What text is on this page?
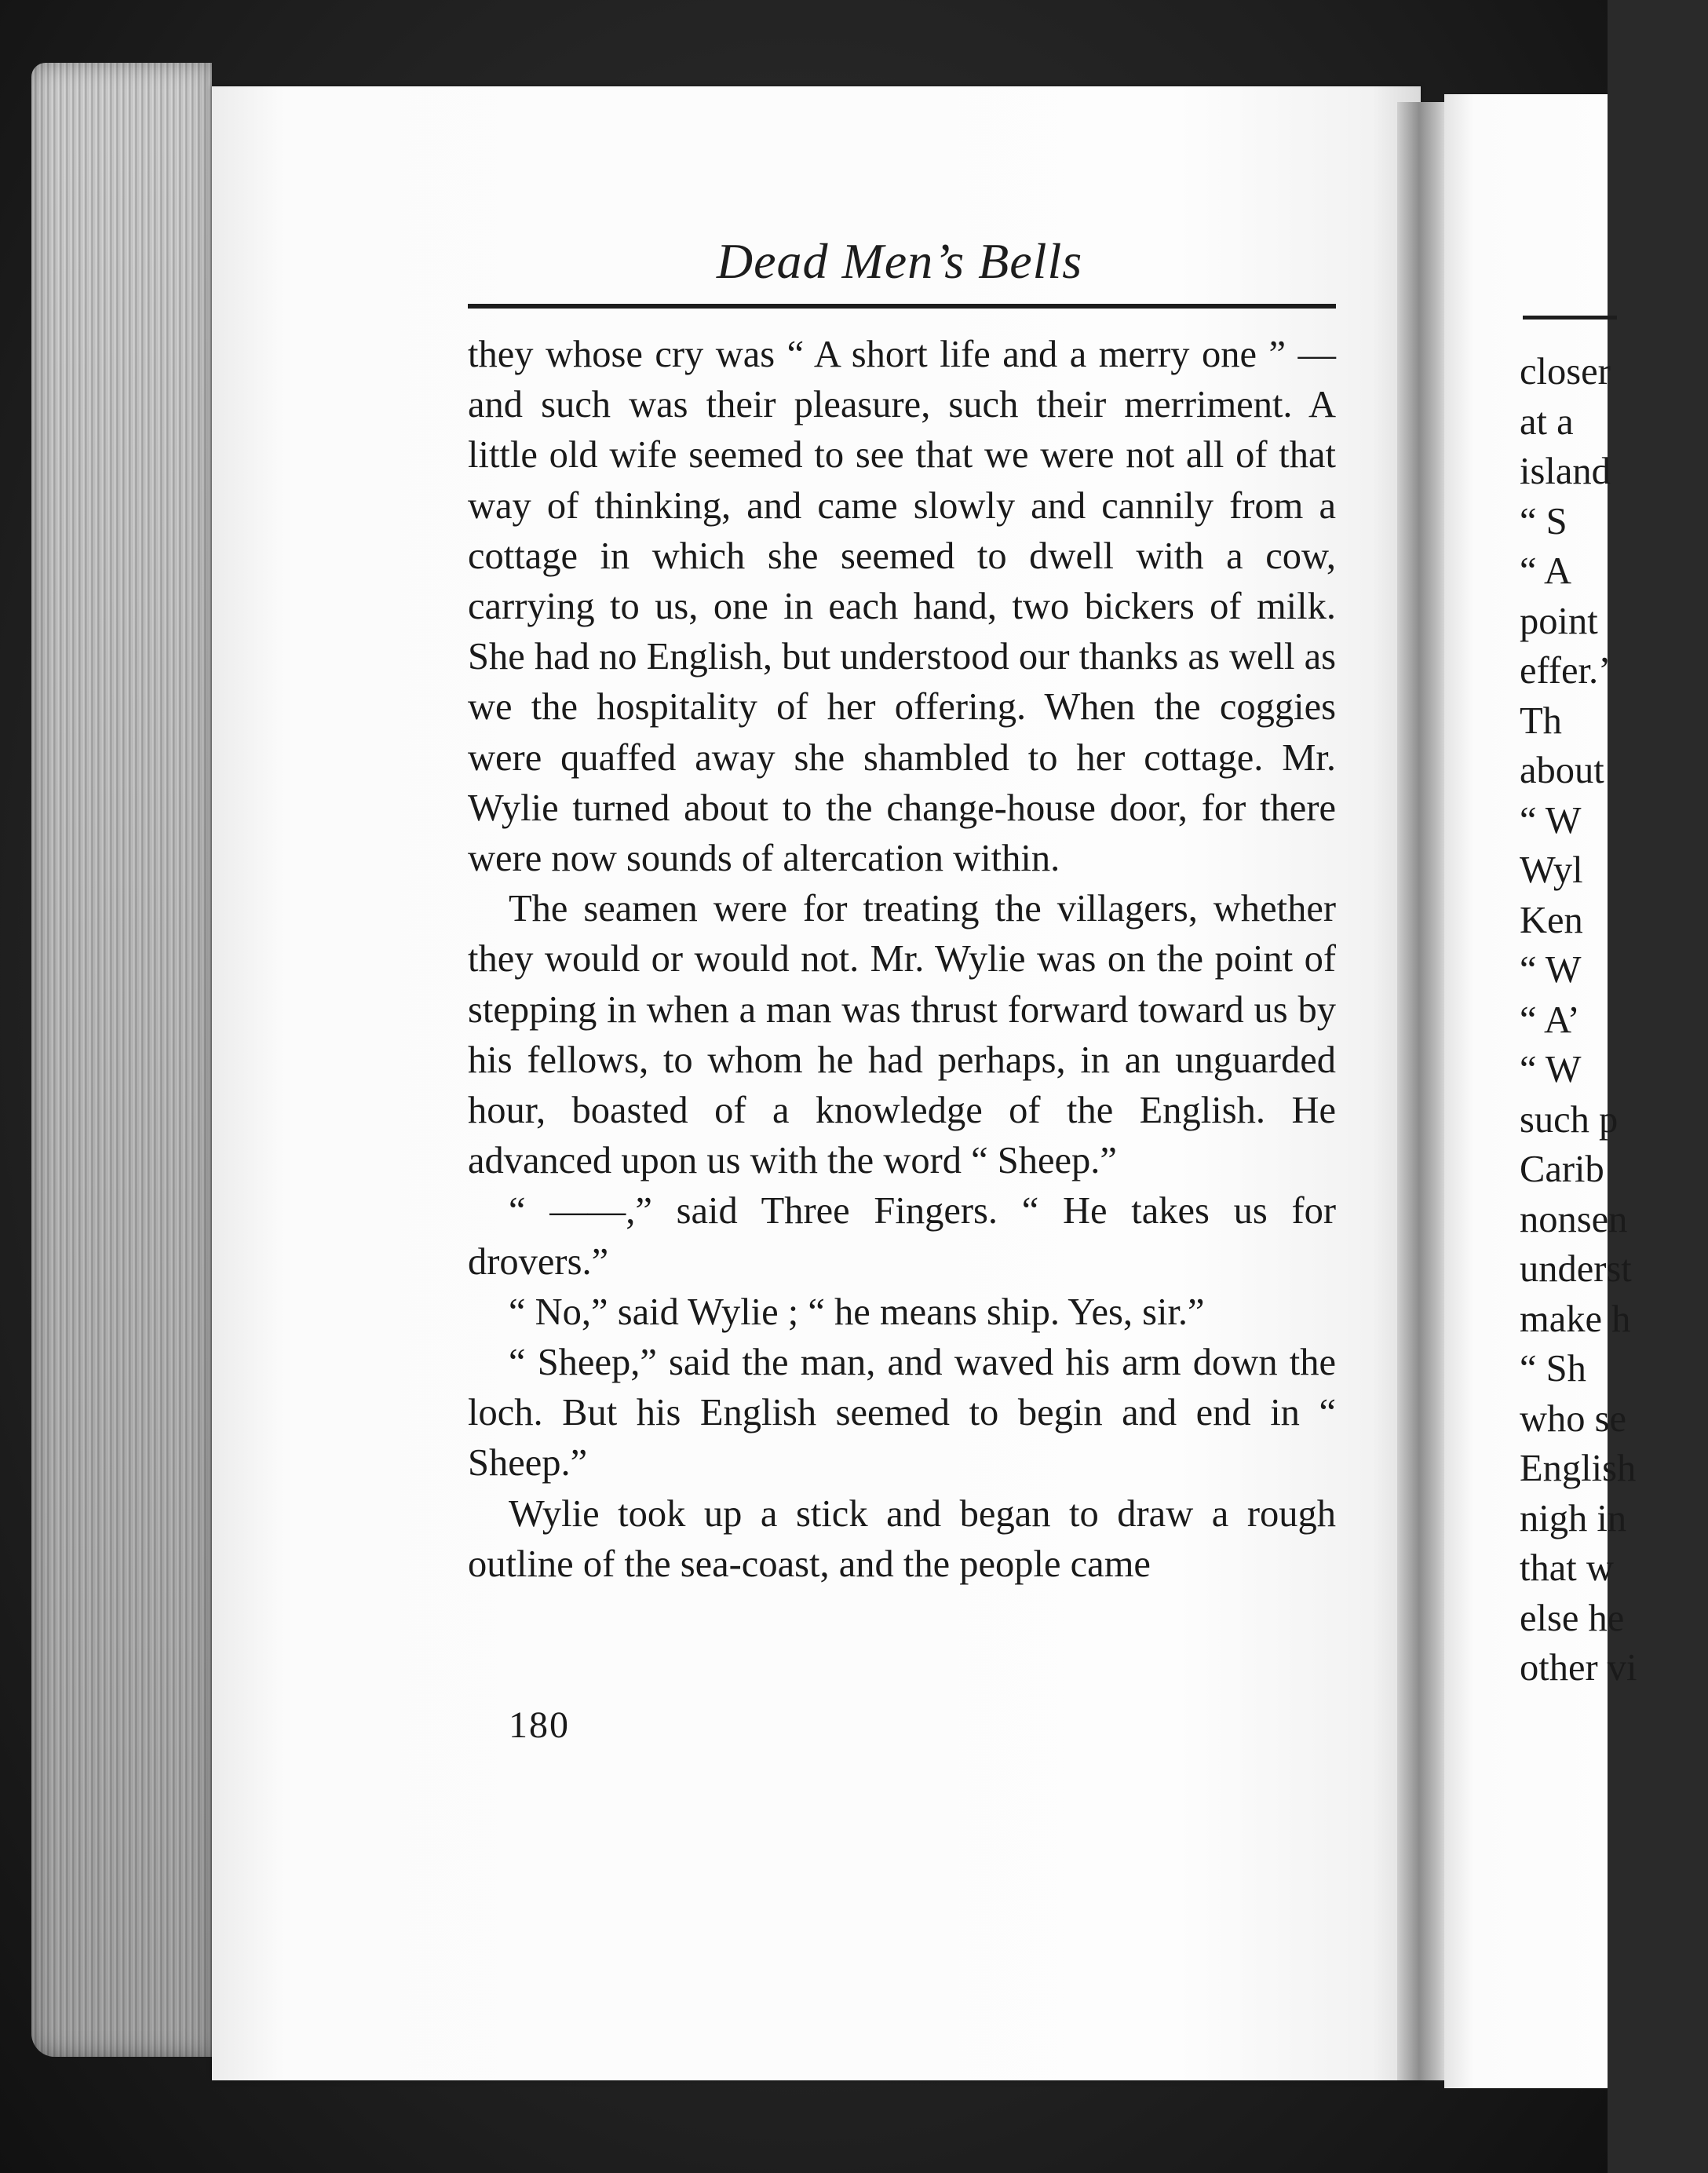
Dead Men’s Bells

they whose cry was “ A short life and a merry one ” —and such was their pleasure, such their merriment. A little old wife seemed to see that we were not all of that way of thinking, and came slowly and cannily from a cottage in which she seemed to dwell with a cow, carrying to us, one in each hand, two bickers of milk. She had no English, but understood our thanks as well as we the hospitality of her offering. When the coggies were quaffed away she shambled to her cottage. Mr. Wylie turned about to the change-house door, for there were now sounds of altercation within.

The seamen were for treating the villagers, whether they would or would not. Mr. Wylie was on the point of stepping in when a man was thrust forward toward us by his fellows, to whom he had perhaps, in an unguarded hour, boasted of a knowledge of the English. He advanced upon us with the word “ Sheep.”

“ ——,” said Three Fingers. “ He takes us for drovers.”

“ No,” said Wylie ; “ he means ship. Yes, sir.”

“ Sheep,” said the man, and waved his arm down the loch. But his English seemed to begin and end in “ Sheep.”

Wylie took up a stick and began to draw a rough outline of the sea-coast, and the people came

180
closer
at a
island
“ S
“ A
point
effer.’
Th
about
“ W
Wyl
Ken
“ W
“ A’
“ W
such p
Carib
nonsen
underst
make h
“ Sh
who se
English
nigh in
that w
else he
other vi
